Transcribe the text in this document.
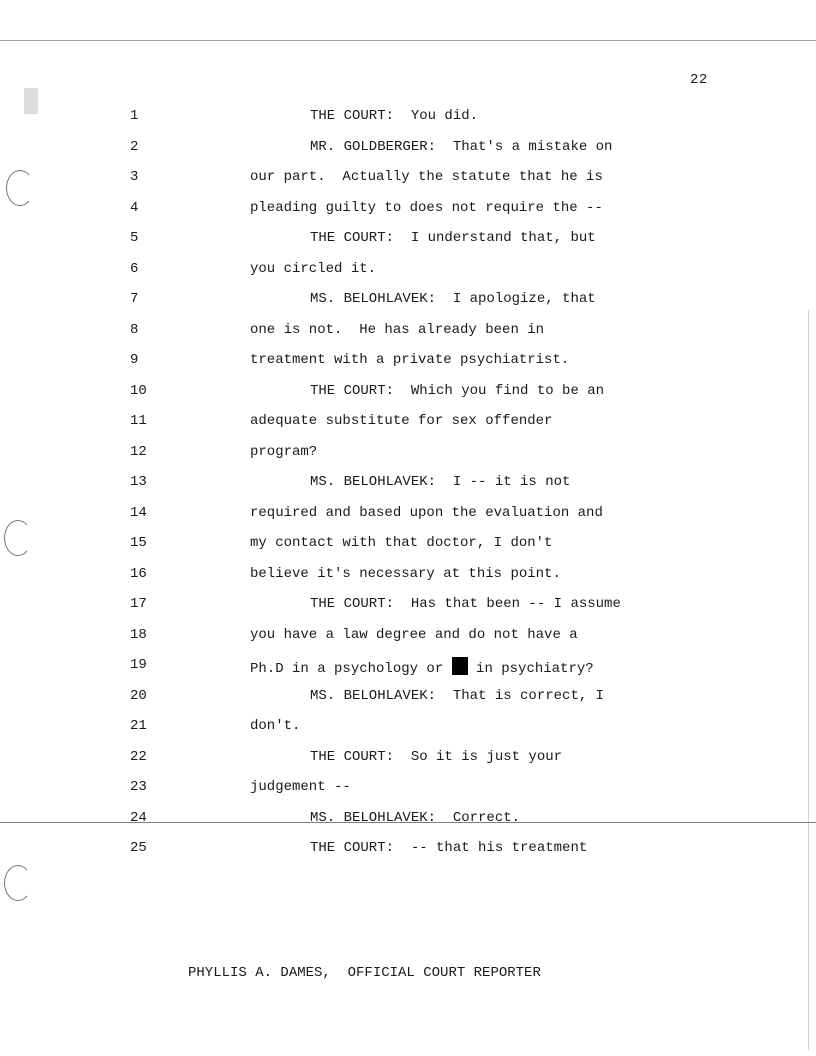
22
1	THE COURT:  You did.
2	MR. GOLDBERGER:  That's a mistake on
3	our part.  Actually the statute that he is
4	pleading guilty to does not require the --
5	THE COURT:  I understand that, but
6	you circled it.
7	MS. BELOHLAVEK:  I apologize, that
8	one is not.  He has already been in
9	treatment with a private psychiatrist.
10	THE COURT:  Which you find to be an
11	adequate substitute for sex offender
12	program?
13	MS. BELOHLAVEK:  I -- it is not
14	required and based upon the evaluation and
15	my contact with that doctor, I don't
16	believe it's necessary at this point.
17	THE COURT:  Has that been -- I assume
18	you have a law degree and do not have a
19	Ph.D in a psychology or in psychiatry?
20	MS. BELOHLAVEK:  That is correct, I
21	don't.
22	THE COURT:  So it is just your
23	judgement --
24	MS. BELOHLAVEK:  Correct.
25	THE COURT:  -- that his treatment
PHYLLIS A. DAMES,  OFFICIAL COURT REPORTER
